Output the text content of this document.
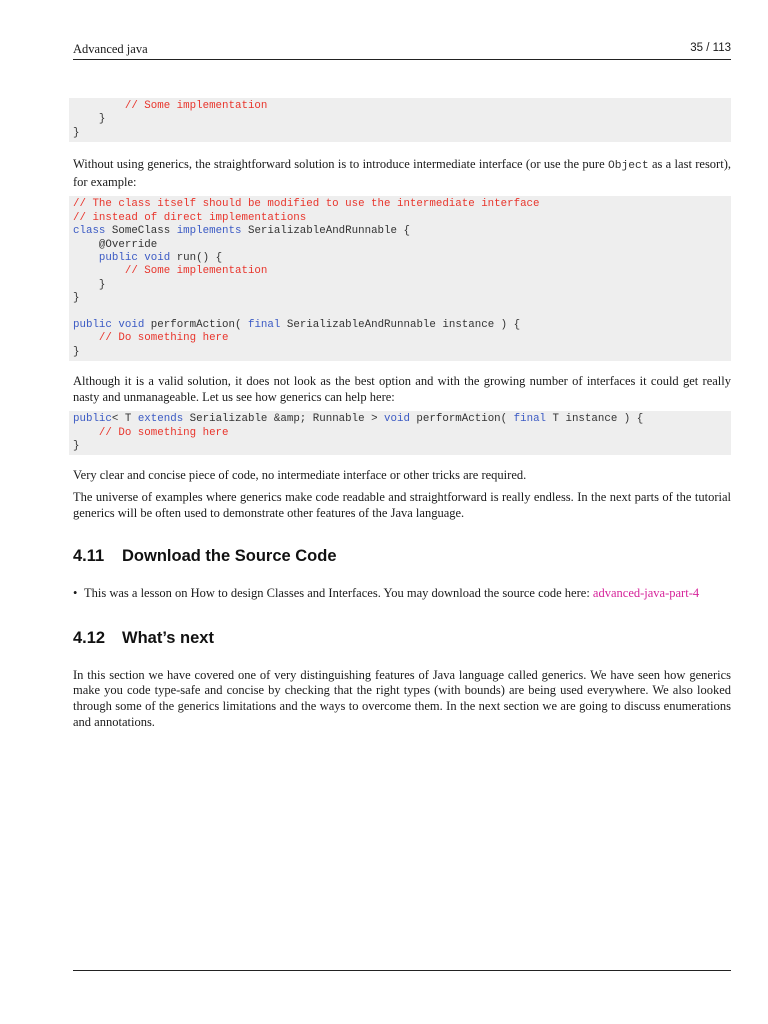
Advanced java	35 / 113
// Some implementation
}
}

Without using generics, the straightforward solution is to introduce intermediate interface (or use the pure Object as a last resort), for example:

// The class itself should be modified to use the intermediate interface
// instead of direct implementations
class SomeClass implements SerializableAndRunnable {
@Override
public void run() {
// Some implementation
}
}
public void performAction( final SerializableAndRunnable instance ) {
// Do something here
}

Although it is a valid solution, it does not look as the best option and with the growing number of interfaces it could get really nasty and unmanageable. Let us see how generics can help here:

public< T extends Serializable &amp; Runnable > void performAction( final T instance ) {
// Do something here
}

Very clear and concise piece of code, no intermediate interface or other tricks are required.

The universe of examples where generics make code readable and straightforward is really endless. In the next parts of the tutorial generics will be often used to demonstrate other features of the Java language.

4.11 Download the Source Code
• This was a lesson on How to design Classes and Interfaces. You may download the source code here: advanced-java-part-4
4.12 What’s next

In this section we have covered one of very distinguishing features of Java language called generics. We have seen how generics make you code type-safe and concise by checking that the right types (with bounds) are being used everywhere. We also looked through some of the generics limitations and the ways to overcome them. In the next section we are going to discuss enumerations and annotations.
